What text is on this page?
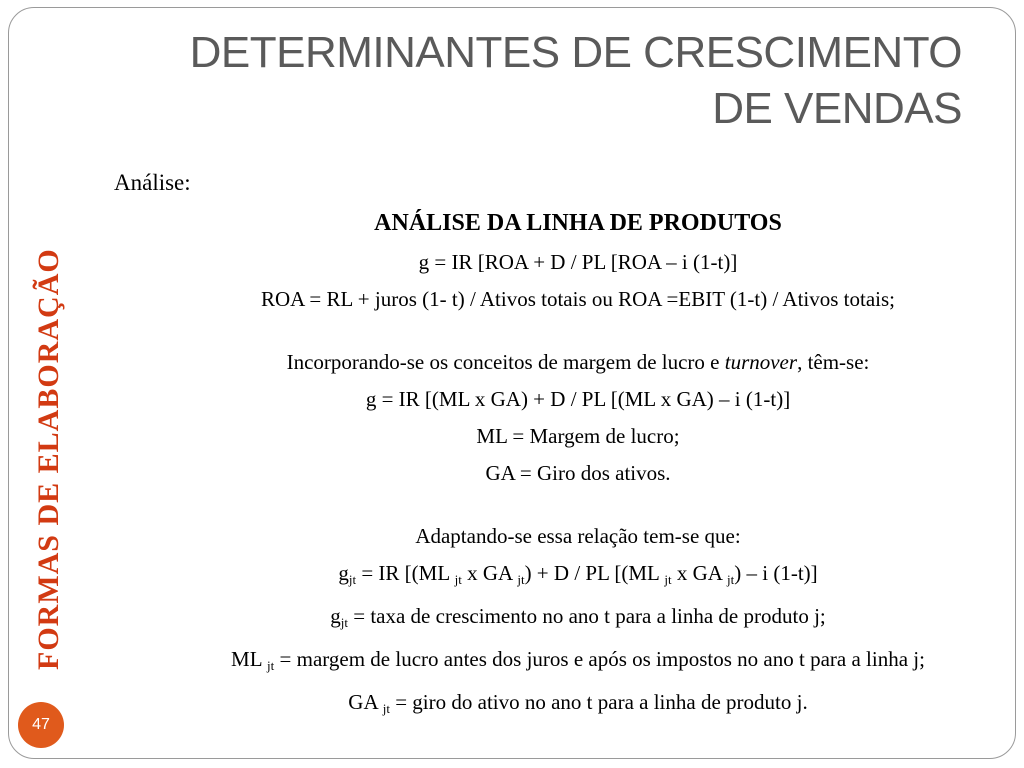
DETERMINANTES DE CRESCIMENTO DE VENDAS
FORMAS DE ELABORAÇÃO
47
Análise:
ANÁLISE DA LINHA DE PRODUTOS
g = IR [ROA + D / PL [ROA – i (1-t)]
ROA = RL + juros (1- t) / Ativos totais ou ROA =EBIT (1-t) / Ativos totais;
Incorporando-se os conceitos de margem de lucro e turnover, têm-se:
g = IR [(ML x GA) + D / PL [(ML x GA) – i (1-t)]
ML = Margem de lucro;
GA = Giro dos ativos.
Adaptando-se essa relação tem-se que:
$g_{jt}$ = IR [(ML $_{jt}$ x GA $_{jt}$) + D / PL [(ML $_{jt}$ x GA $_{jt}$) – i (1-t)]
$g_{jt}$ = taxa de crescimento no ano t para a linha de produto j;
ML $_{jt}$ = margem de lucro antes dos juros e após os impostos no ano t para a linha j;
GA $_{jt}$ = giro do ativo no ano t para a linha de produto j.
